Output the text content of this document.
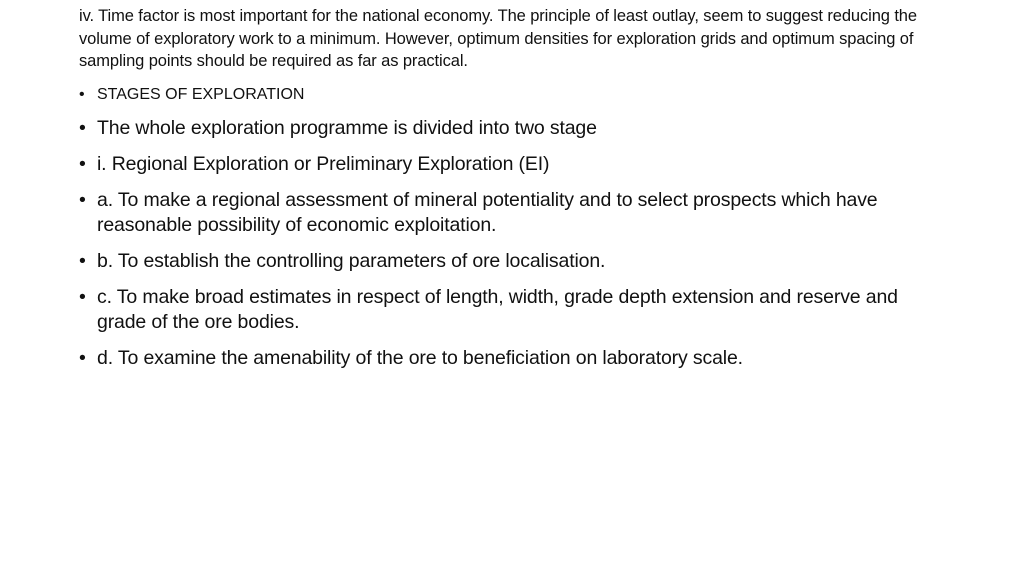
iv. Time factor is most important for the national economy. The principle of least outlay, seem to suggest reducing the volume of exploratory work to a minimum. However, optimum densities for exploration grids and optimum spacing of sampling points should be required as far as practical.

• STAGES OF EXPLORATION
• The whole exploration programme is divided into two stage
• i. Regional Exploration or Preliminary Exploration (EI)
• a. To make a regional assessment of mineral potentiality and to select prospects which have reasonable possibility of economic exploitation.
• b. To establish the controlling parameters of ore localisation.
• c. To make broad estimates in respect of length, width, grade depth extension and reserve and grade of the ore bodies.
• d. To examine the amenability of the ore to beneficiation on laboratory scale.
